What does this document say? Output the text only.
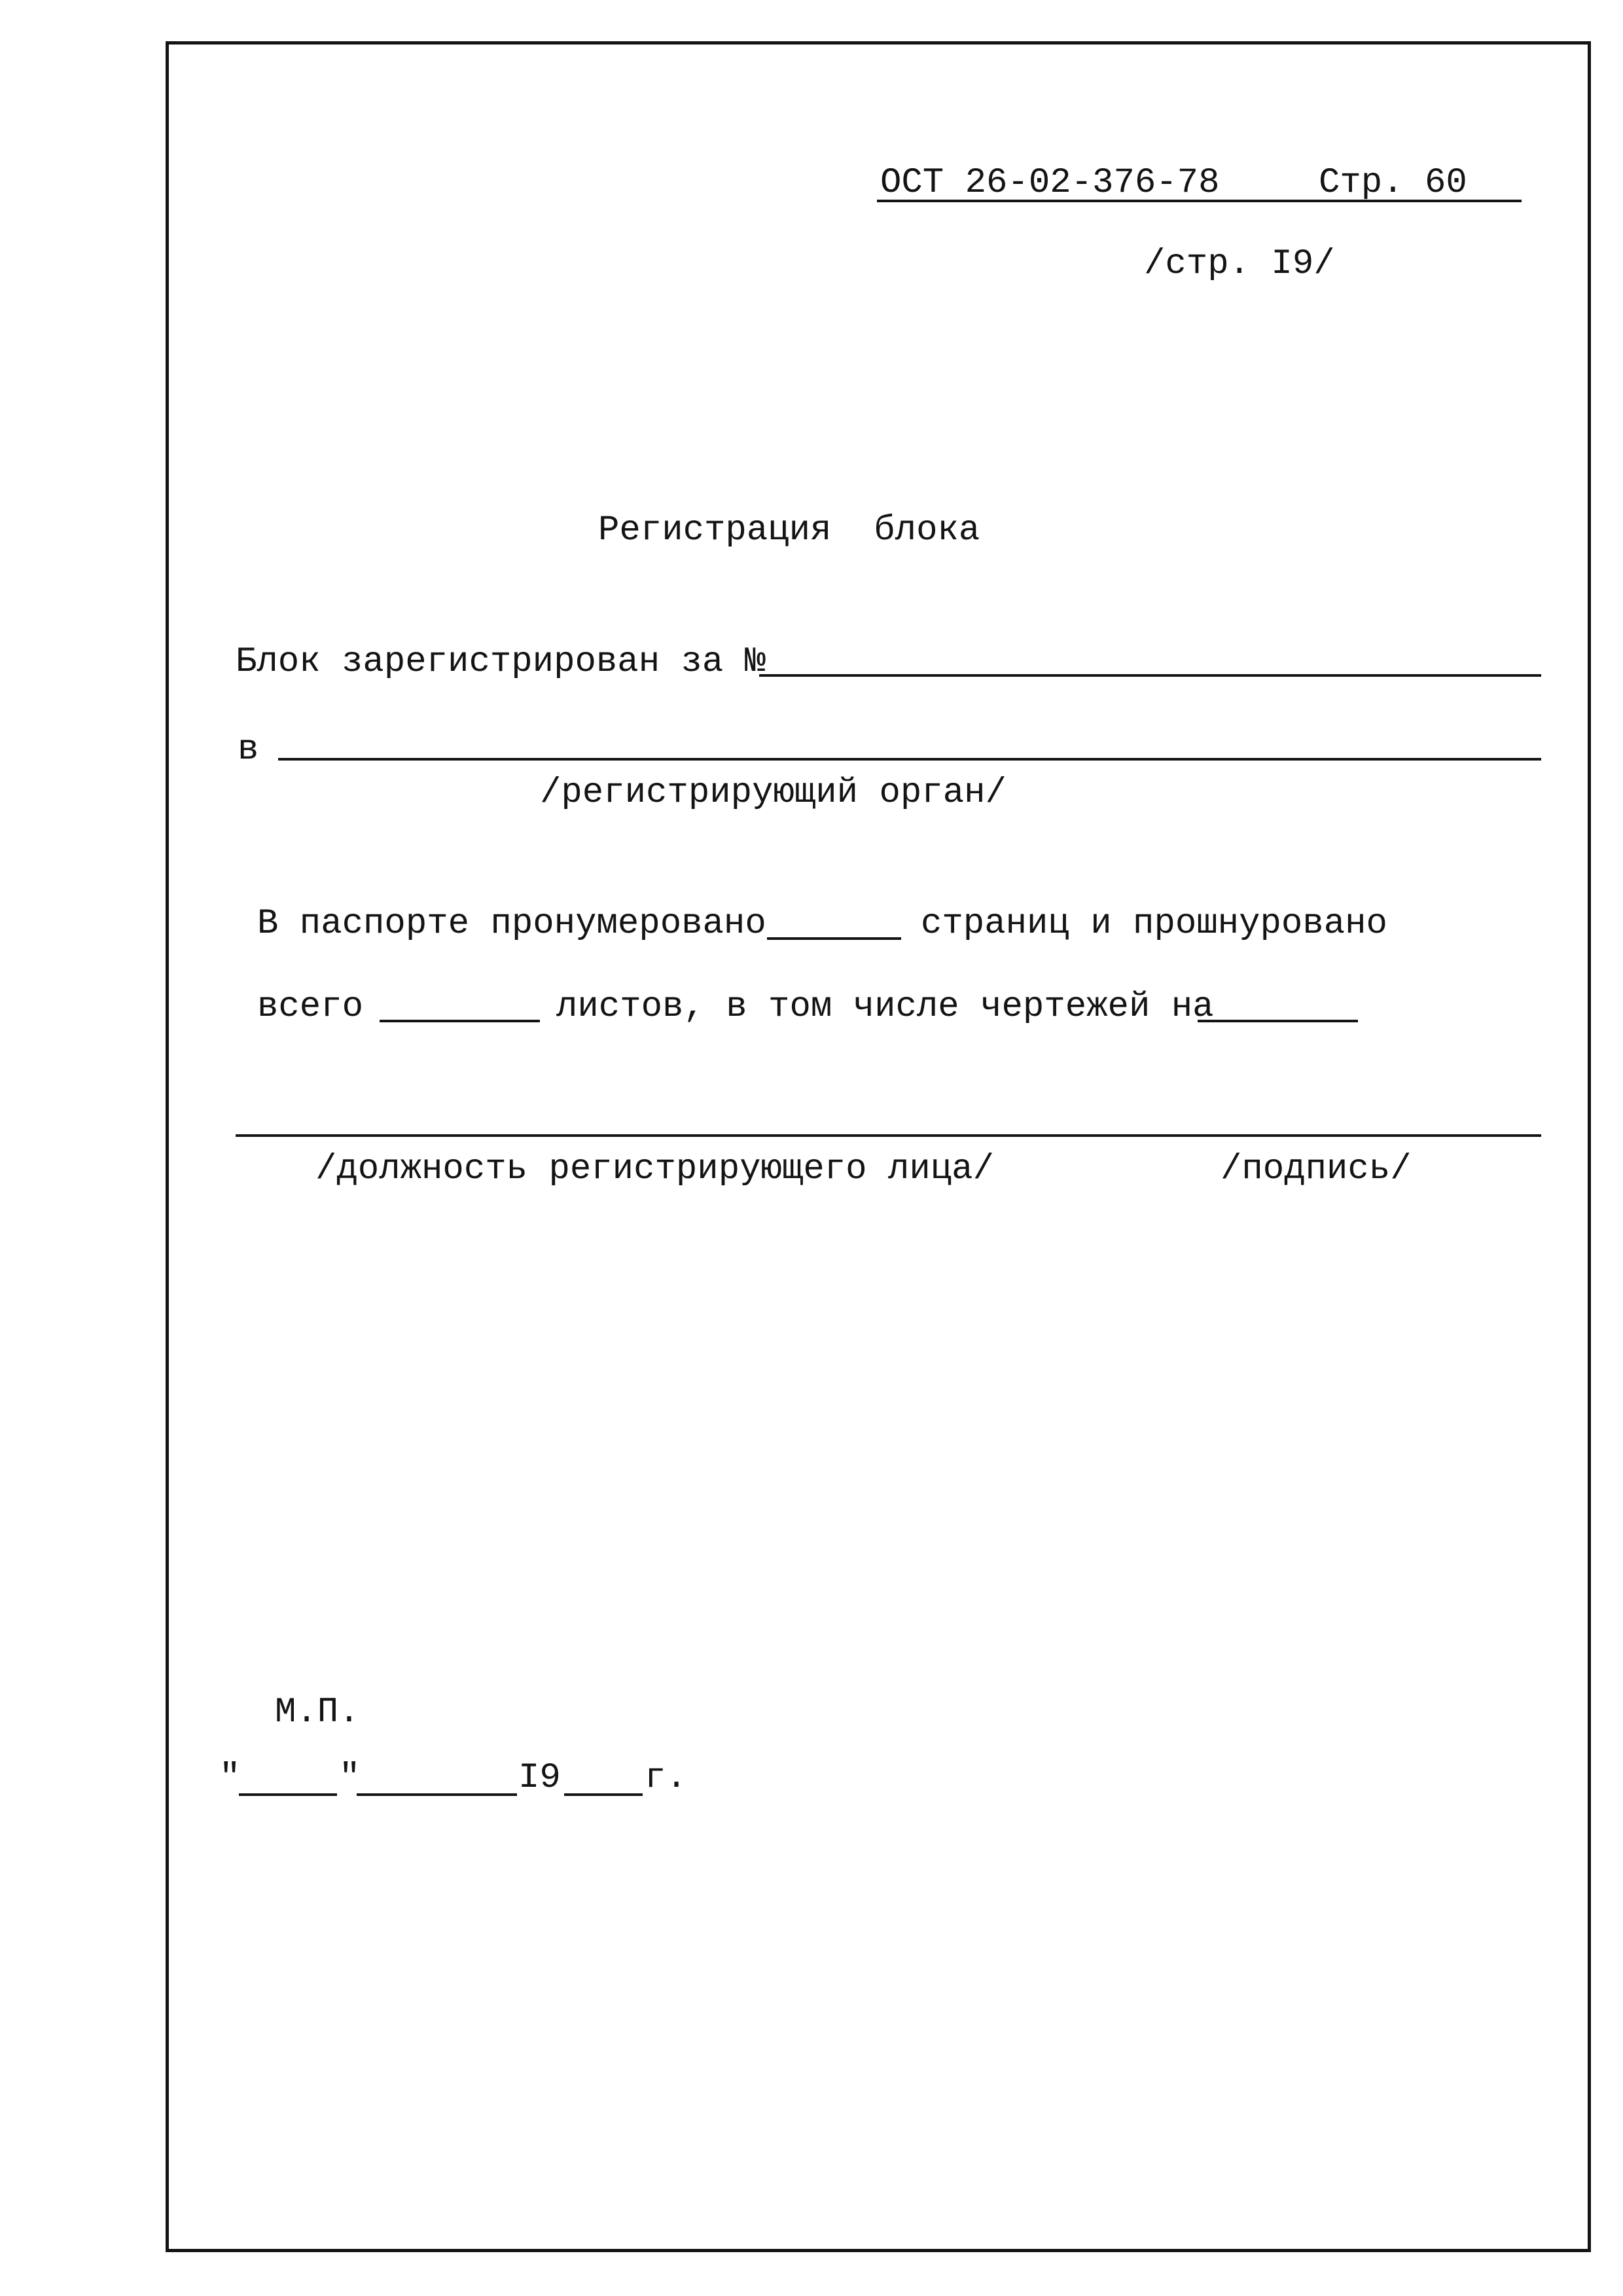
ОСТ 26-02-376-78	Стр. 60
/стр. I9/
Регистрация  блока
Блок зарегистрирован за №
в
/регистрирующий орган/
В паспорте пронумеровано	страниц и прошнуровано
всего	листов, в том числе чертежей на
/должность регистрирующего лица/	/подпись/
М.П.
"	"	I9 г.
